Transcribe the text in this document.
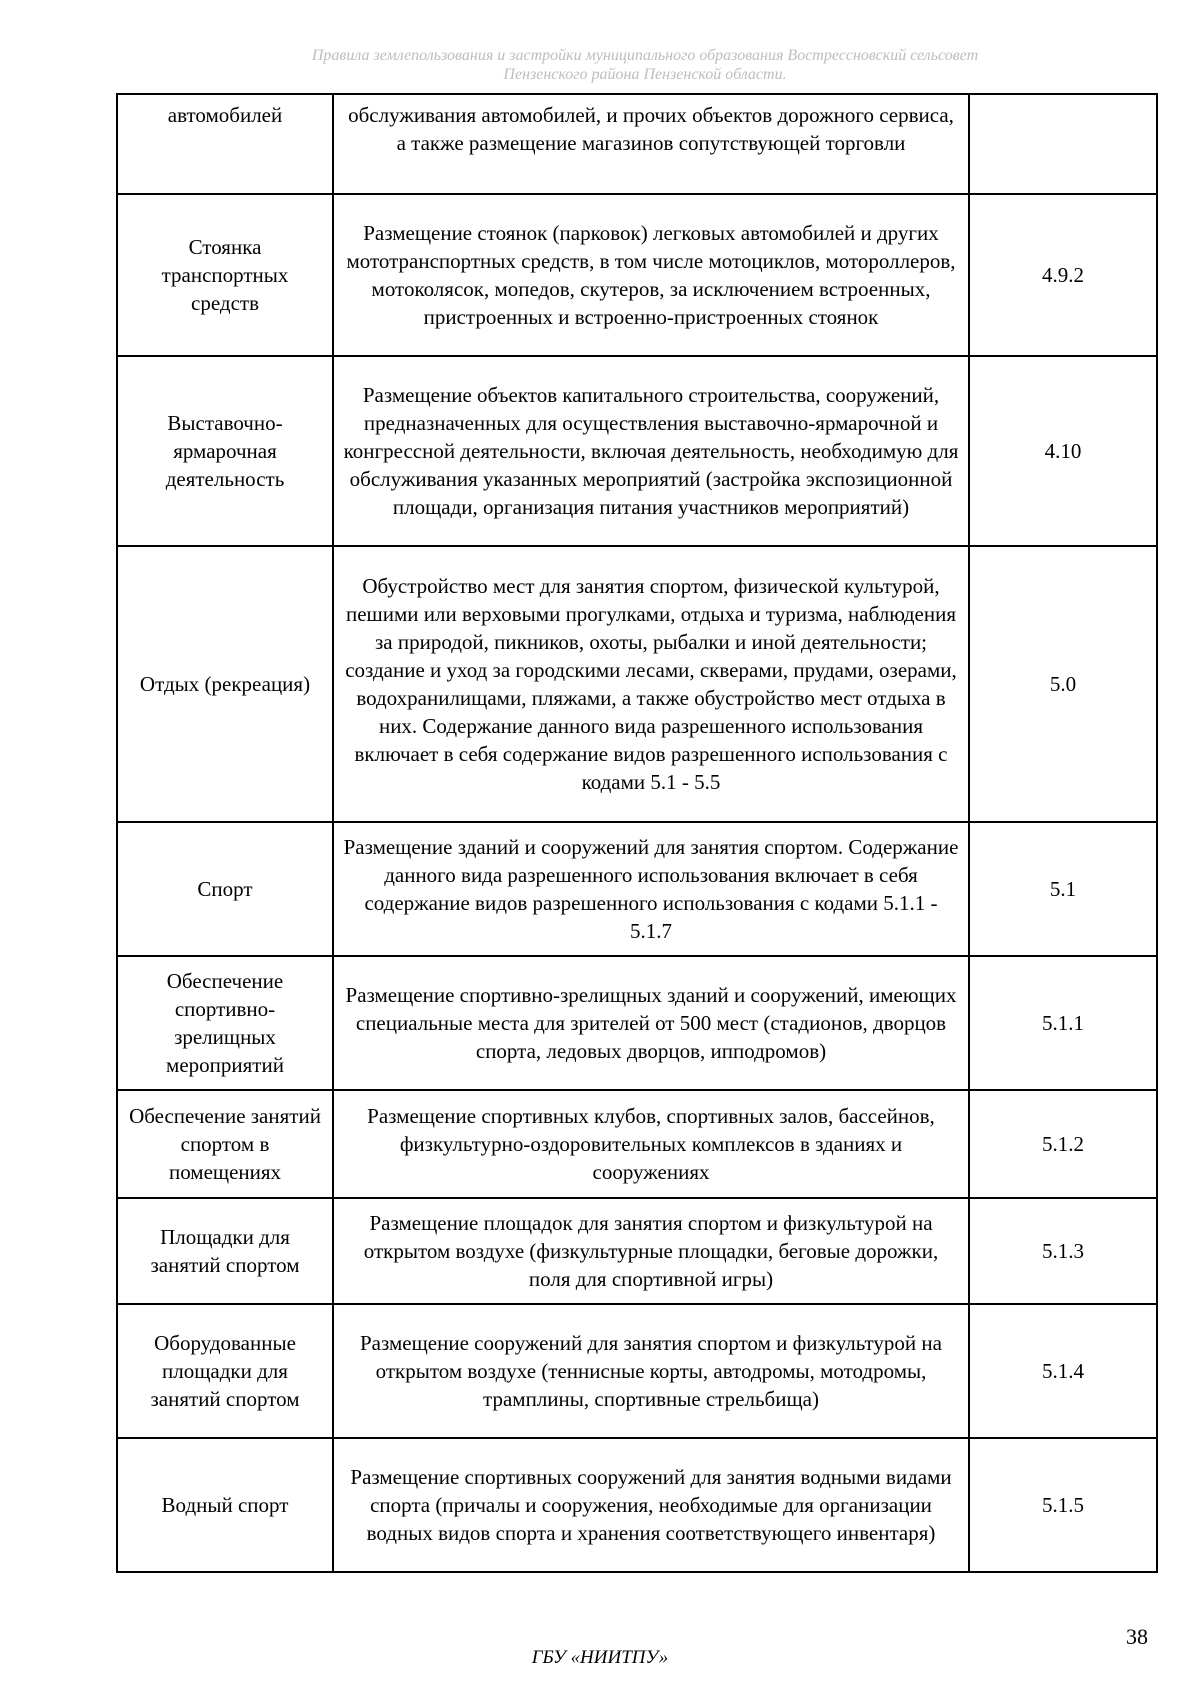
Правила землепользования и застройки муниципального образования Вострессновский сельсовет
Пензенского района Пензенской области.
автомобилей	обслуживания автомобилей, и прочих объектов дорожного сервиса, а также размещение магазинов сопутствующей торговли	
Стоянка транспортных средств	Размещение стоянок (парковок) легковых автомобилей и других мототранспортных средств, в том числе мотоциклов, мотороллеров, мотоколясок, мопедов, скутеров, за исключением встроенных, пристроенных и встроенно-пристроенных стоянок	4.9.2
Выставочно-ярмарочная деятельность	Размещение объектов капитального строительства, сооружений, предназначенных для осуществления выставочно-ярмарочной и конгрессной деятельности, включая деятельность, необходимую для обслуживания указанных мероприятий (застройка экспозиционной площади, организация питания участников мероприятий)	4.10
Отдых (рекреация)	Обустройство мест для занятия спортом, физической культурой, пешими или верховыми прогулками, отдыха и туризма, наблюдения за природой, пикников, охоты, рыбалки и иной деятельности; создание и уход за городскими лесами, скверами, прудами, озерами, водохранилищами, пляжами, а также обустройство мест отдыха в них. Содержание данного вида разрешенного использования включает в себя содержание видов разрешенного использования с кодами 5.1 - 5.5	5.0
Спорт	Размещение зданий и сооружений для занятия спортом. Содержание данного вида разрешенного использования включает в себя содержание видов разрешенного использования с кодами 5.1.1 - 5.1.7	5.1
Обеспечение спортивно-зрелищных мероприятий	Размещение спортивно-зрелищных зданий и сооружений, имеющих специальные места для зрителей от 500 мест (стадионов, дворцов спорта, ледовых дворцов, ипподромов)	5.1.1
Обеспечение занятий спортом в помещениях	Размещение спортивных клубов, спортивных залов, бассейнов, физкультурно-оздоровительных комплексов в зданиях и сооружениях	5.1.2
Площадки для занятий спортом	Размещение площадок для занятия спортом и физкультурой на открытом воздухе (физкультурные площадки, беговые дорожки, поля для спортивной игры)	5.1.3
Оборудованные площадки для занятий спортом	Размещение сооружений для занятия спортом и физкультурой на открытом воздухе (теннисные корты, автодромы, мотодромы, трамплины, спортивные стрельбища)	5.1.4
Водный спорт	Размещение спортивных сооружений для занятия водными видами спорта (причалы и сооружения, необходимые для организации водных видов спорта и хранения соответствующего инвентаря)	5.1.5
38
ГБУ «НИИТПУ»
